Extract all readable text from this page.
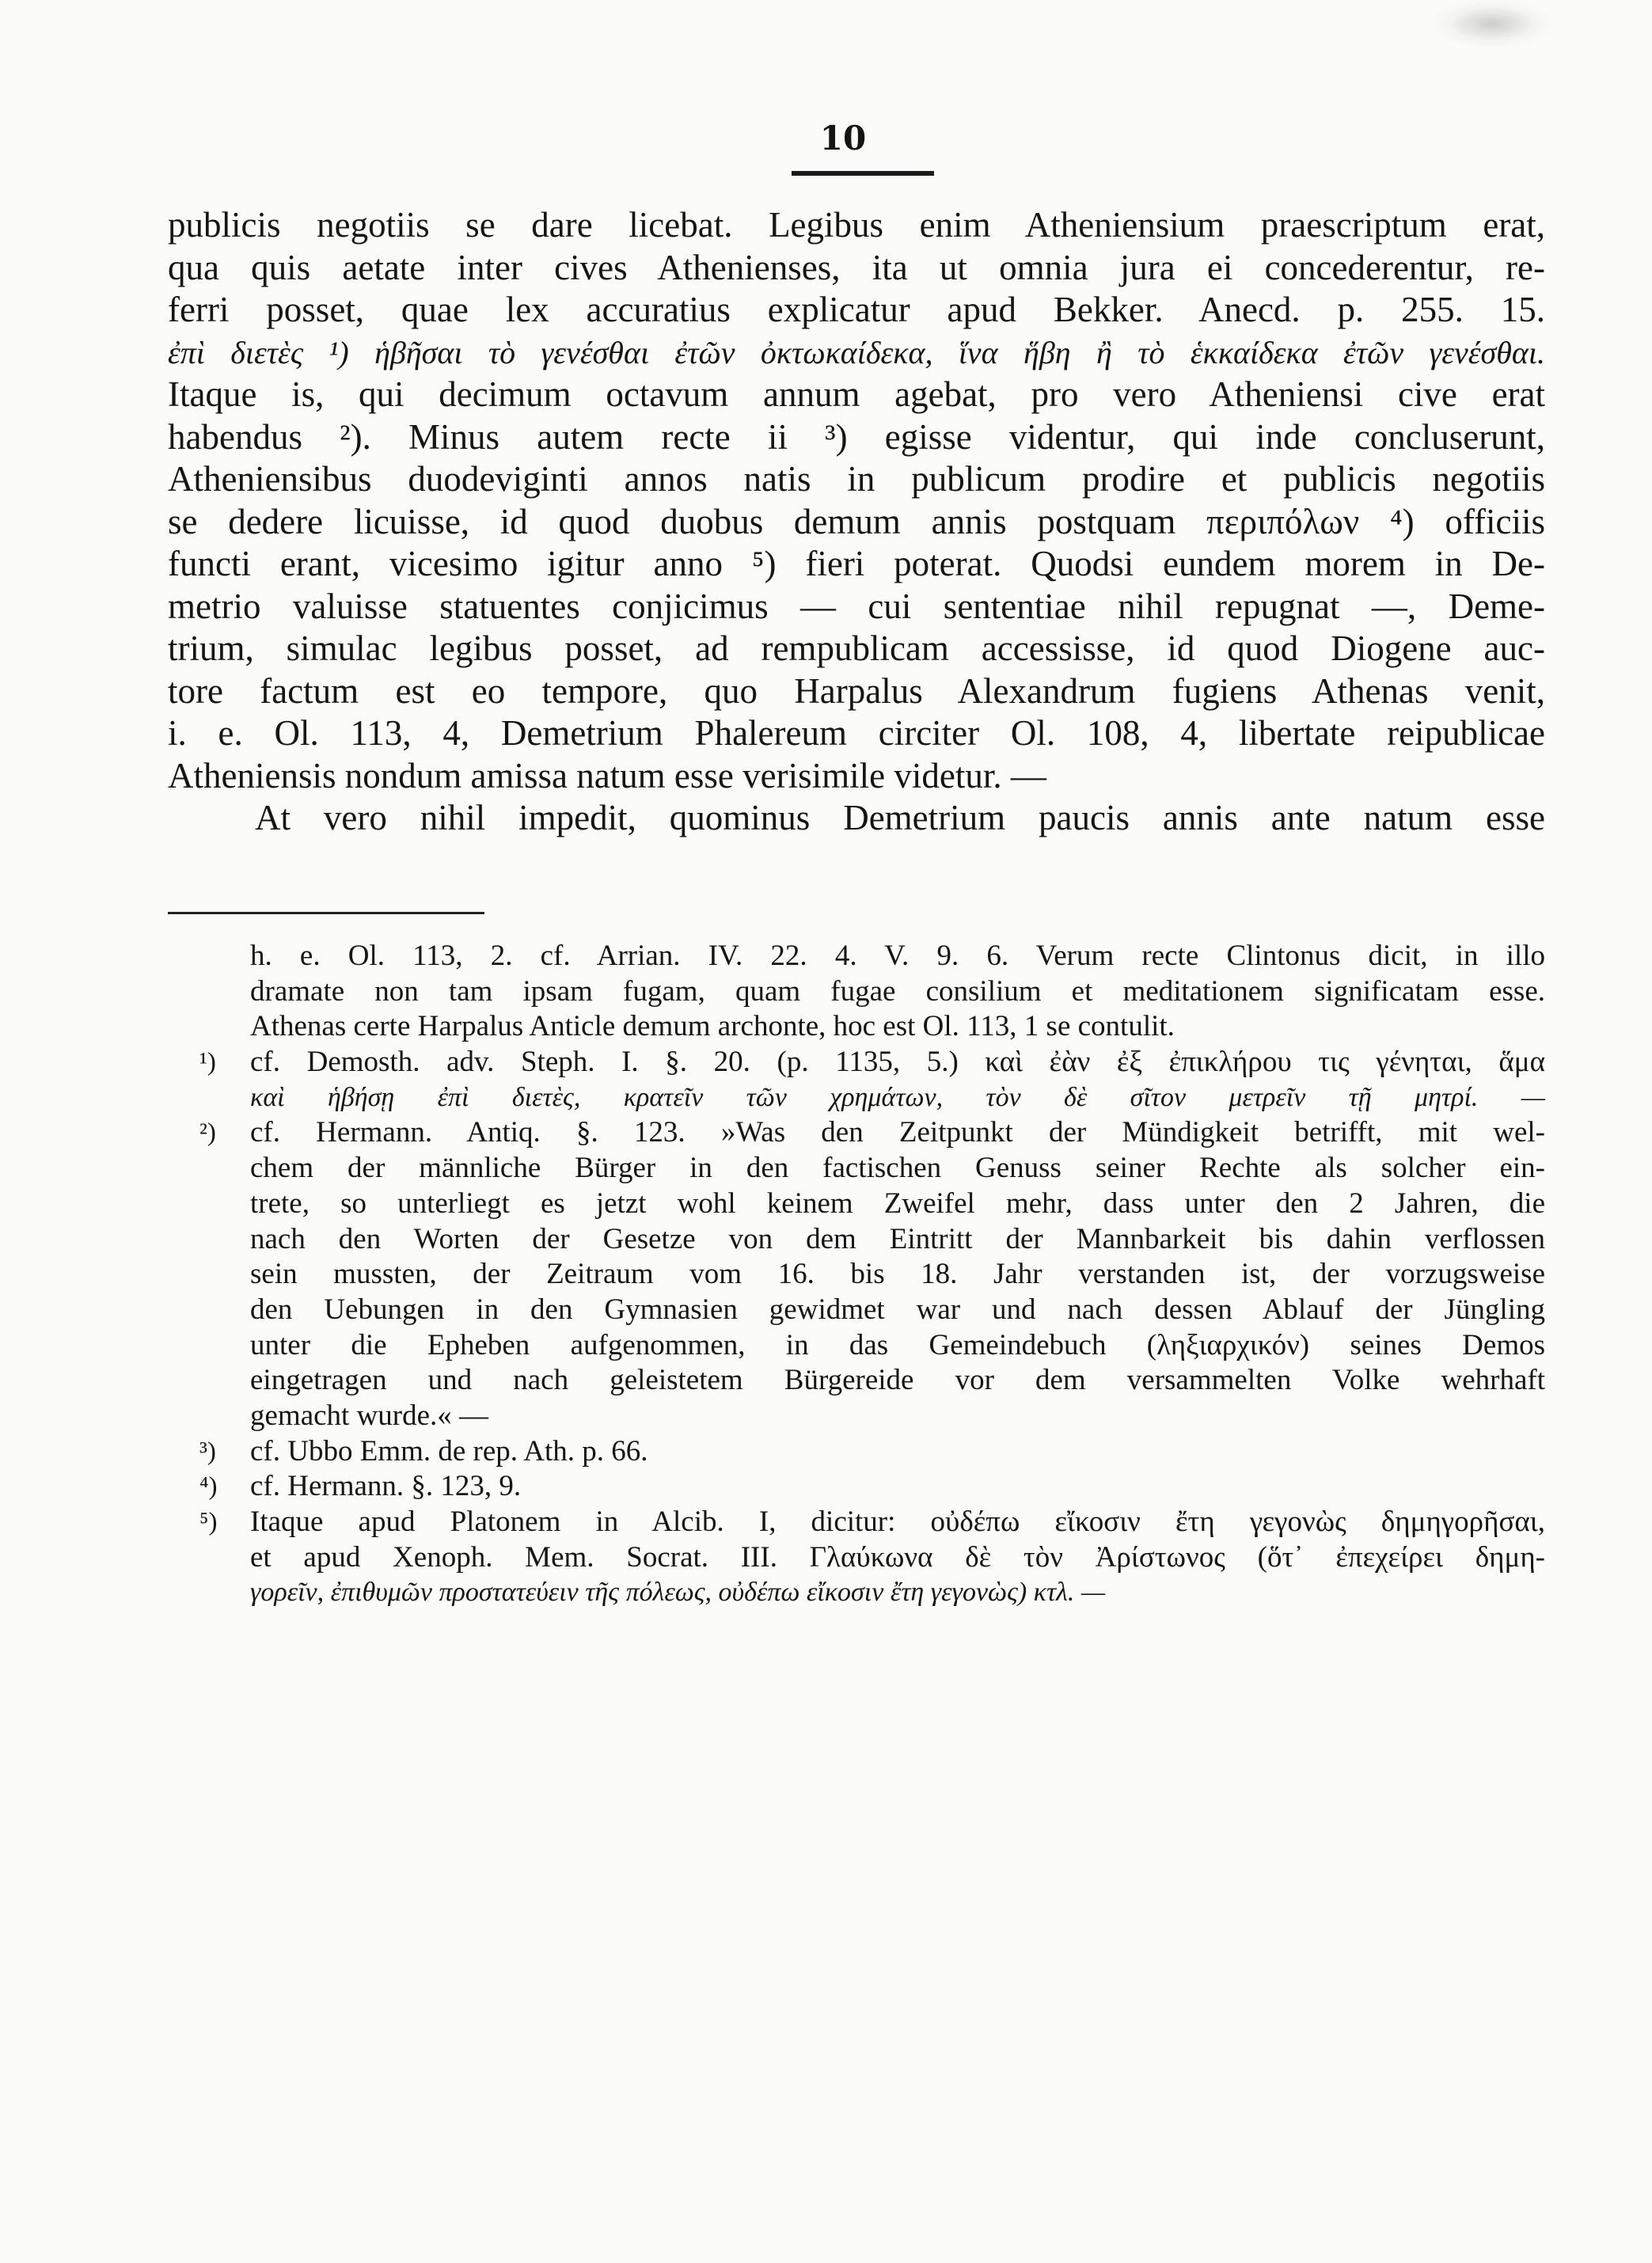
10
publicis negotiis se dare licebat. Legibus enim Atheniensium praescriptum erat,
qua quis aetate inter cives Athenienses, ita ut omnia jura ei concederentur, re-
ferri posset, quae lex accuratius explicatur apud Bekker. Anecd. p. 255. 15.
ἐπὶ διετὲς ¹) ἡβῆσαι τὸ γενέσθαι ἐτῶν ὀκτωκαίδεκα, ἵνα ἥβη ἢ τὸ ἑκκαίδεκα ἐτῶν γενέσθαι.
Itaque is, qui decimum octavum annum agebat, pro vero Atheniensi cive erat
habendus ²). Minus autem recte ii ³) egisse videntur, qui inde concluserunt,
Atheniensibus duodeviginti annos natis in publicum prodire et publicis negotiis
se dedere licuisse, id quod duobus demum annis postquam περιπόλων ⁴) officiis
functi erant, vicesimo igitur anno ⁵) fieri poterat. Quodsi eundem morem in De-
metrio valuisse statuentes conjicimus — cui sententiae nihil repugnat —, Deme-
trium, simulac legibus posset, ad rempublicam accessisse, id quod Diogene auc-
tore factum est eo tempore, quo Harpalus Alexandrum fugiens Athenas venit,
i. e. Ol. 113, 4, Demetrium Phalereum circiter Ol. 108, 4, libertate reipublicae
Atheniensis nondum amissa natum esse verisimile videtur. —
At vero nihil impedit, quominus Demetrium paucis annis ante natum esse
h. e. Ol. 113, 2. cf. Arrian. IV. 22. 4. V. 9. 6. Verum recte Clintonus dicit, in illo
dramate non tam ipsam fugam, quam fugae consilium et meditationem significatam esse.
Athenas certe Harpalus Anticle demum archonte, hoc est Ol. 113, 1 se contulit.
¹) cf. Demosth. adv. Steph. I. §. 20. (p. 1135, 5.) καὶ ἐὰν ἐξ ἐπικλήρου τις γένηται, ἅμα
καὶ ἡβήσῃ ἐπὶ διετὲς, κρατεῖν τῶν χρημάτων, τὸν δὲ σῖτον μετρεῖν τῇ μητρί. —
²) cf. Hermann. Antiq. §. 123. »Was den Zeitpunkt der Mündigkeit betrifft, mit wel-
chem der männliche Bürger in den factischen Genuss seiner Rechte als solcher ein-
trete, so unterliegt es jetzt wohl keinem Zweifel mehr, dass unter den 2 Jahren, die
nach den Worten der Gesetze von dem Eintritt der Mannbarkeit bis dahin verflossen
sein mussten, der Zeitraum vom 16. bis 18. Jahr verstanden ist, der vorzugsweise
den Uebungen in den Gymnasien gewidmet war und nach dessen Ablauf der Jüngling
unter die Epheben aufgenommen, in das Gemeindebuch (ληξιαρχικόν) seines Demos
eingetragen und nach geleistetem Bürgereide vor dem versammelten Volke wehrhaft
gemacht wurde.« —
³) cf. Ubbo Emm. de rep. Ath. p. 66.
⁴) cf. Hermann. §. 123, 9.
⁵) Itaque apud Platonem in Alcib. I, dicitur: οὐδέπω εἴκοσιν ἔτη γεγονὼς δημηγορῆσαι,
et apud Xenoph. Mem. Socrat. III. Γλαύκωνα δὲ τὸν Ἀρίστωνος (ὅτ᾽ ἐπεχείρει δημη-
γορεῖν, ἐπιθυμῶν προστατεύειν τῆς πόλεως, οὐδέπω εἴκοσιν ἔτη γεγονὼς) κτλ. —
